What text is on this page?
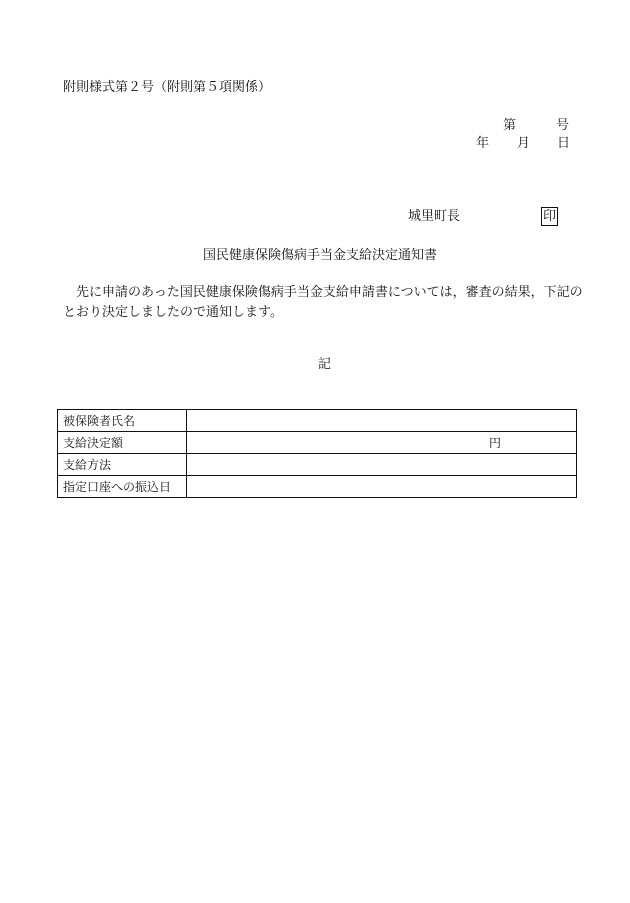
附則様式第２号（附則第５項関係）
第	号
年 月 日
城里町長	印
国民健康保険傷病手当金支給決定通知書
先に申請のあった国民健康保険傷病手当金支給申請書については，審査の結果，下記のとおり決定しましたので通知します。
記
被保険者氏名	
支給決定額	円

支給方法	
指定口座への振込日	
